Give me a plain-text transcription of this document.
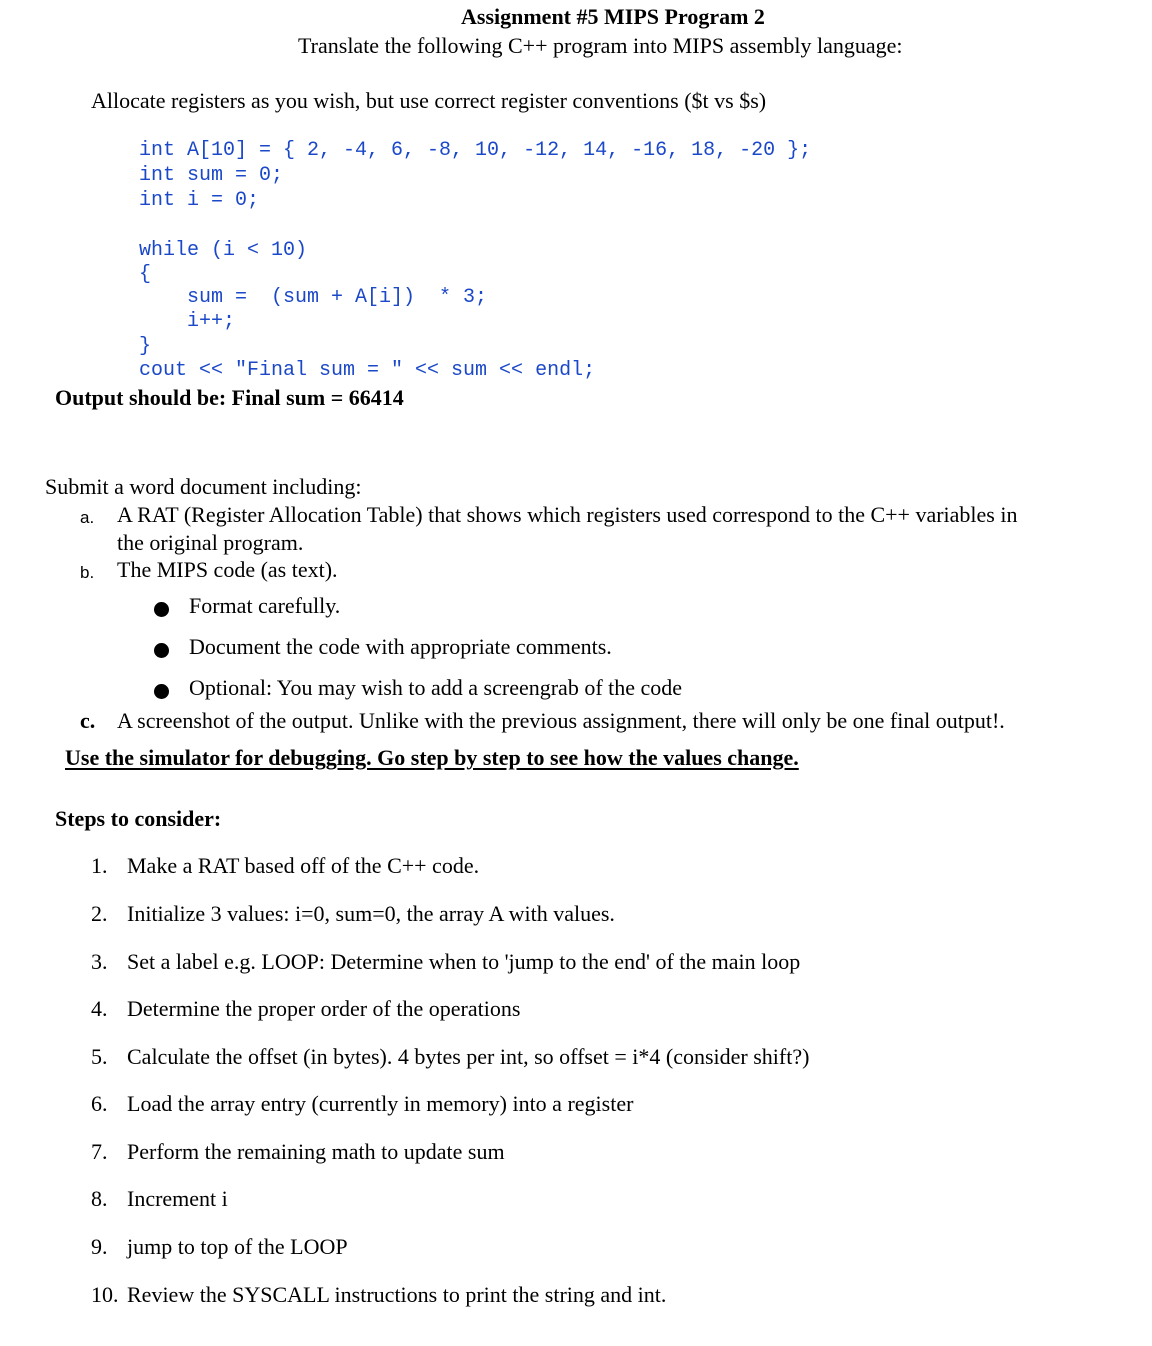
Assignment #5 MIPS Program 2
Translate the following C++ program into MIPS assembly language:
Allocate registers as you wish, but use correct register conventions ($t vs $s)
int A[10] = { 2, -4, 6, -8, 10, -12, 14, -16, 18, -20 };
int sum = 0;
int i = 0;
while (i < 10)
{
sum =  (sum + A[i])  * 3;
i++;
}
cout << "Final sum = " << sum << endl;
Output should be: Final sum = 66414
Submit a word document including:
a. A RAT (Register Allocation Table) that shows which registers used correspond to the C++ variables in
the original program.
b. The MIPS code (as text).
Format carefully.
Document the code with appropriate comments.
Optional: You may wish to add a screengrab of the code
c. A screenshot of the output. Unlike with the previous assignment, there will only be one final output!.
Use the simulator for debugging. Go step by step to see how the values change.
Steps to consider:
1. Make a RAT based off of the C++ code.
2. Initialize 3 values: i=0, sum=0, the array A with values.
3. Set a label e.g. LOOP: Determine when to 'jump to the end' of the main loop
4. Determine the proper order of the operations
5. Calculate the offset (in bytes). 4 bytes per int, so offset = i*4 (consider shift?)
6. Load the array entry (currently in memory) into a register
7. Perform the remaining math to update sum
8. Increment i
9. jump to top of the LOOP
10. Review the SYSCALL instructions to print the string and int.
